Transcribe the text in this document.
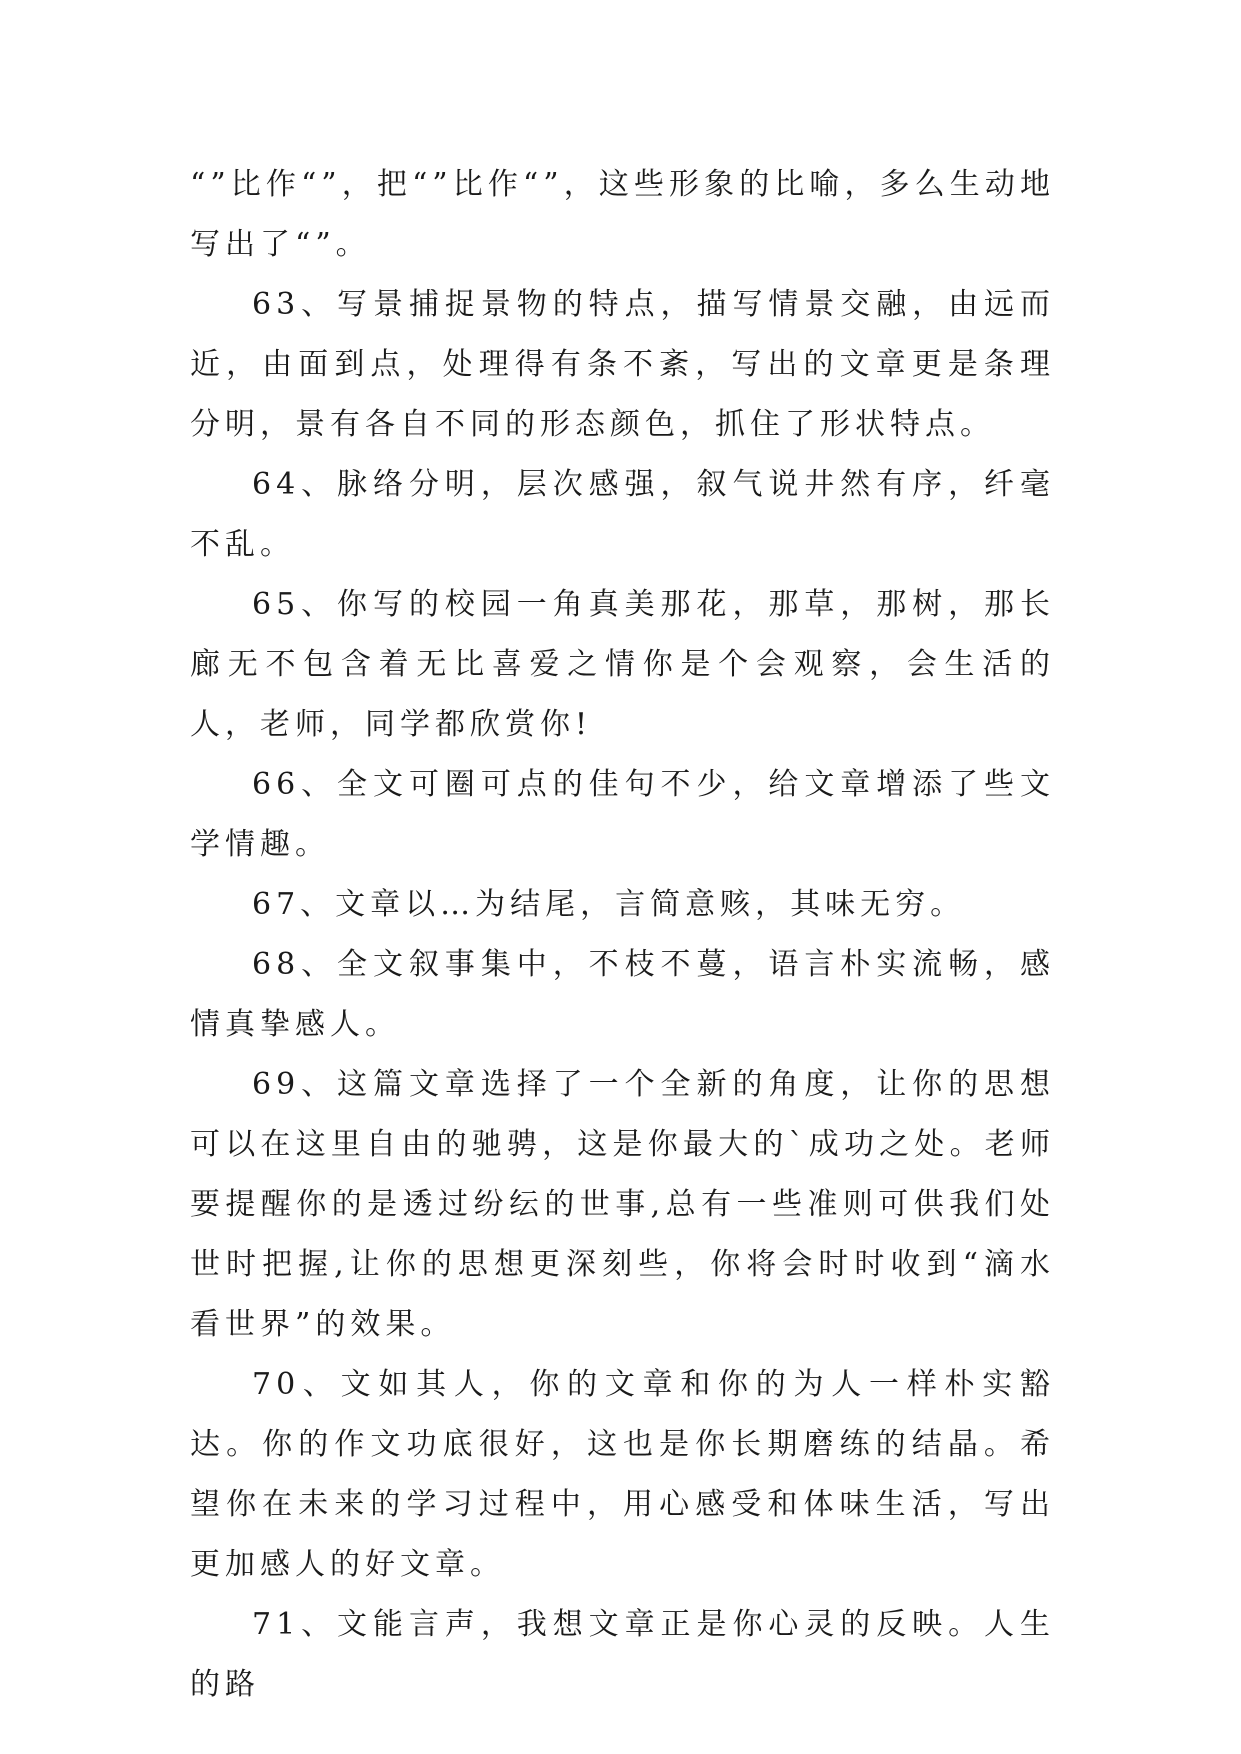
“”比作“”，把“”比作“”，这些形象的比喻，多么生动地写出了“”。

63、写景捕捉景物的特点，描写情景交融，由远而近，由面到点，处理得有条不紊，写出的文章更是条理分明，景有各自不同的形态颜色，抓住了形状特点。

64、脉络分明，层次感强，叙气说井然有序，纤毫不乱。

65、你写的校园一角真美那花，那草，那树，那长廊无不包含着无比喜爱之情你是个会观察，会生活的人，老师，同学都欣赏你!

66、全文可圈可点的佳句不少，给文章增添了些文学情趣。

67、文章以…为结尾，言简意赅，其味无穷。

68、全文叙事集中，不枝不蔓，语言朴实流畅，感情真挚感人。

69、这篇文章选择了一个全新的角度，让你的思想可以在这里自由的驰骋，这是你最大的`成功之处。老师要提醒你的是透过纷纭的世事,总有一些准则可供我们处世时把握,让你的思想更深刻些，你将会时时收到“滴水看世界”的效果。

70、文如其人，你的文章和你的为人一样朴实豁达。你的作文功底很好，这也是你长期磨练的结晶。希望你在未来的学习过程中，用心感受和体味生活，写出更加感人的好文章。

71、文能言声，我想文章正是你心灵的反映。人生的路
